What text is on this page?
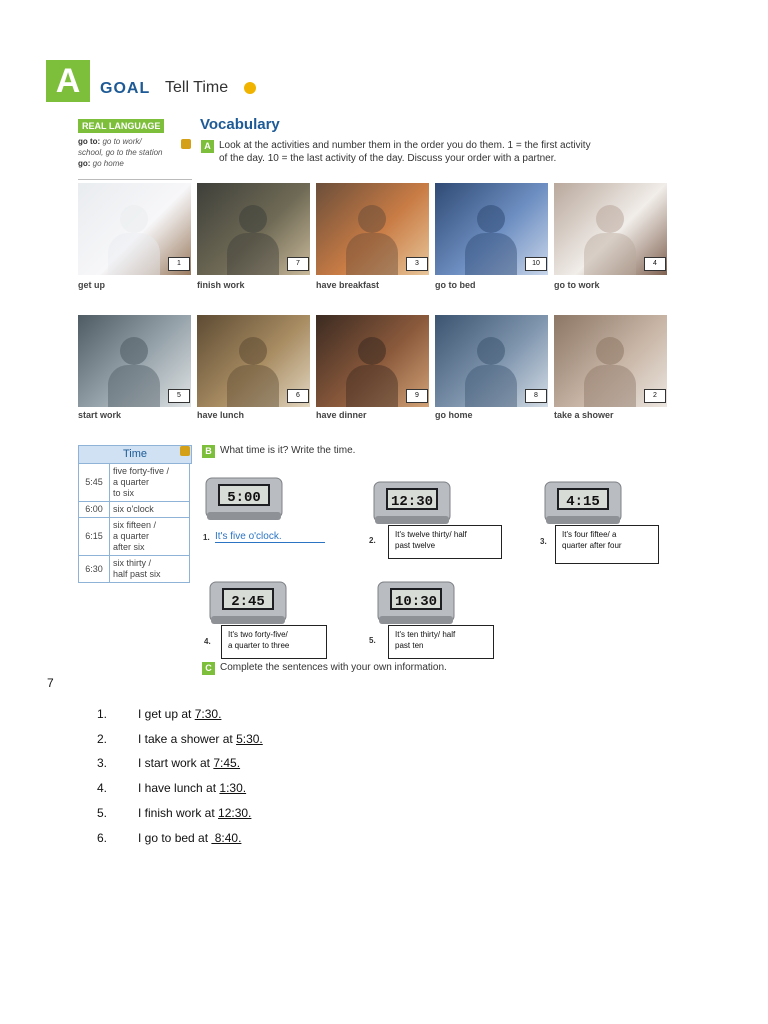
A	GOAL Tell Time
REAL LANGUAGE
go to: go to work/
school, go to the station
go: go home
Vocabulary
A Look at the activities and number them in the order you do them. 1 = the first activity
of the day. 10 = the last activity of the day. Discuss your order with a partner.
1
get up
7
finish work
3
have breakfast
10
go to bed
4
go to work
5
start work
6
have lunch
9
have dinner
8
go home
2
take a shower
Time
5:45	five forty-five /
a quarter
to six

6:00	six o'clock

6:15	six fifteen /
a quarter
after six

6:30	six thirty /
half past six
B What time is it? Write the time.
5:00
1. It's five o'clock.
12:30
2.
It's twelve thirty/ half
past twelve
4:15
3.
It's four fiftee/ a
quarter after four
2:45
4.
It's two forty-five/
a quarter to three
10:30
5.
It's ten thirty/ half
past ten
C Complete the sentences with your own information.
7
1.	I get up at 7:30.
2.	I take a shower at 5:30.
3.	I start work at 7:45.
4.	I have lunch at 1:30.
5.	I finish work at 12:30.
6.	I go to bed at  8:40.
